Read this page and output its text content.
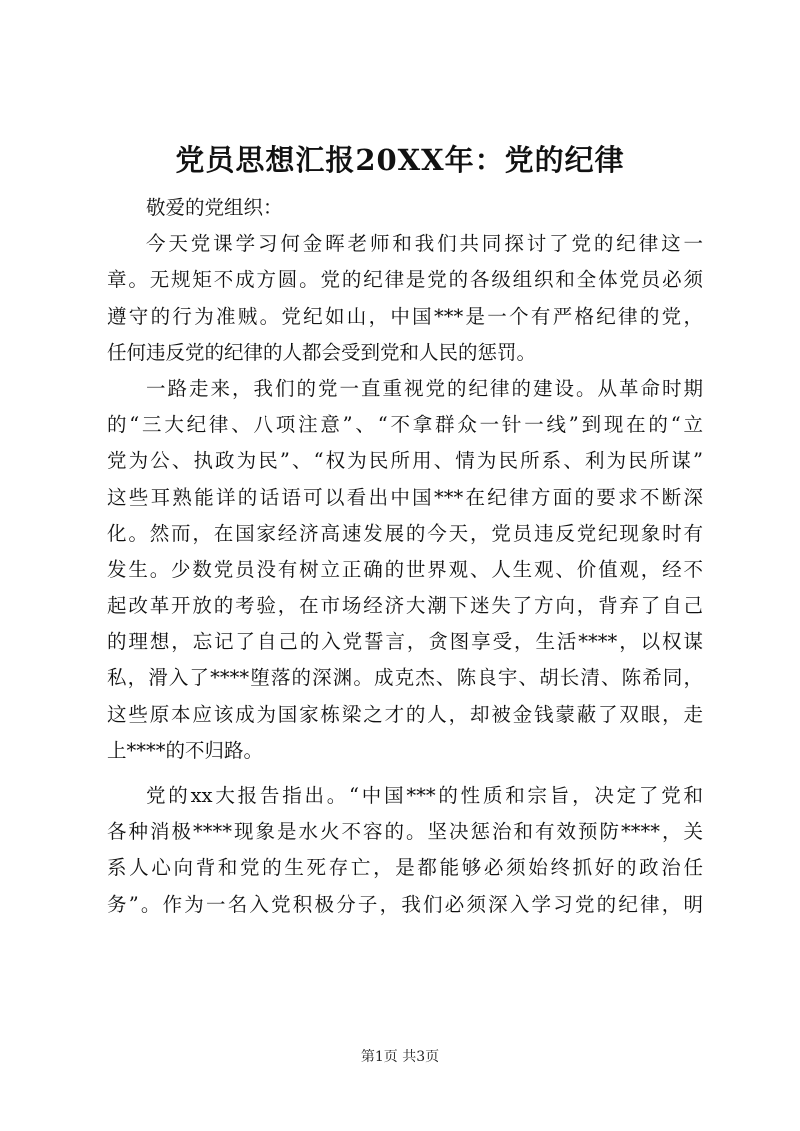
党员思想汇报20XX年：党的纪律
敬爱的党组织：
今天党课学习何金晖老师和我们共同探讨了党的纪律这一
章。无规矩不成方圆。党的纪律是党的各级组织和全体党员必须
遵守的行为准贼。党纪如山，中国***是一个有严格纪律的党，
任何违反党的纪律的人都会受到党和人民的惩罚。
一路走来，我们的党一直重视党的纪律的建设。从革命时期
的“三大纪律、八项注意”、“不拿群众一针一线”到现在的“立
党为公、执政为民”、“权为民所用、情为民所系、利为民所谋”
这些耳熟能详的话语可以看出中国***在纪律方面的要求不断深
化。然而，在国家经济高速发展的今天，党员违反党纪现象时有
发生。少数党员没有树立正确的世界观、人生观、价值观，经不
起改革开放的考验，在市场经济大潮下迷失了方向，背弃了自己
的理想，忘记了自己的入党誓言，贪图享受，生活****，以权谋
私，滑入了****堕落的深渊。成克杰、陈良宇、胡长清、陈希同，
这些原本应该成为国家栋梁之才的人，却被金钱蒙蔽了双眼，走
上****的不归路。
党的xx大报告指出。“中国***的性质和宗旨，决定了党和
各种消极****现象是水火不容的。坚决惩治和有效预防****，关
系人心向背和党的生死存亡，是都能够必须始终抓好的政治任
务”。作为一名入党积极分子，我们必须深入学习党的纪律，明
第1页 共3页
